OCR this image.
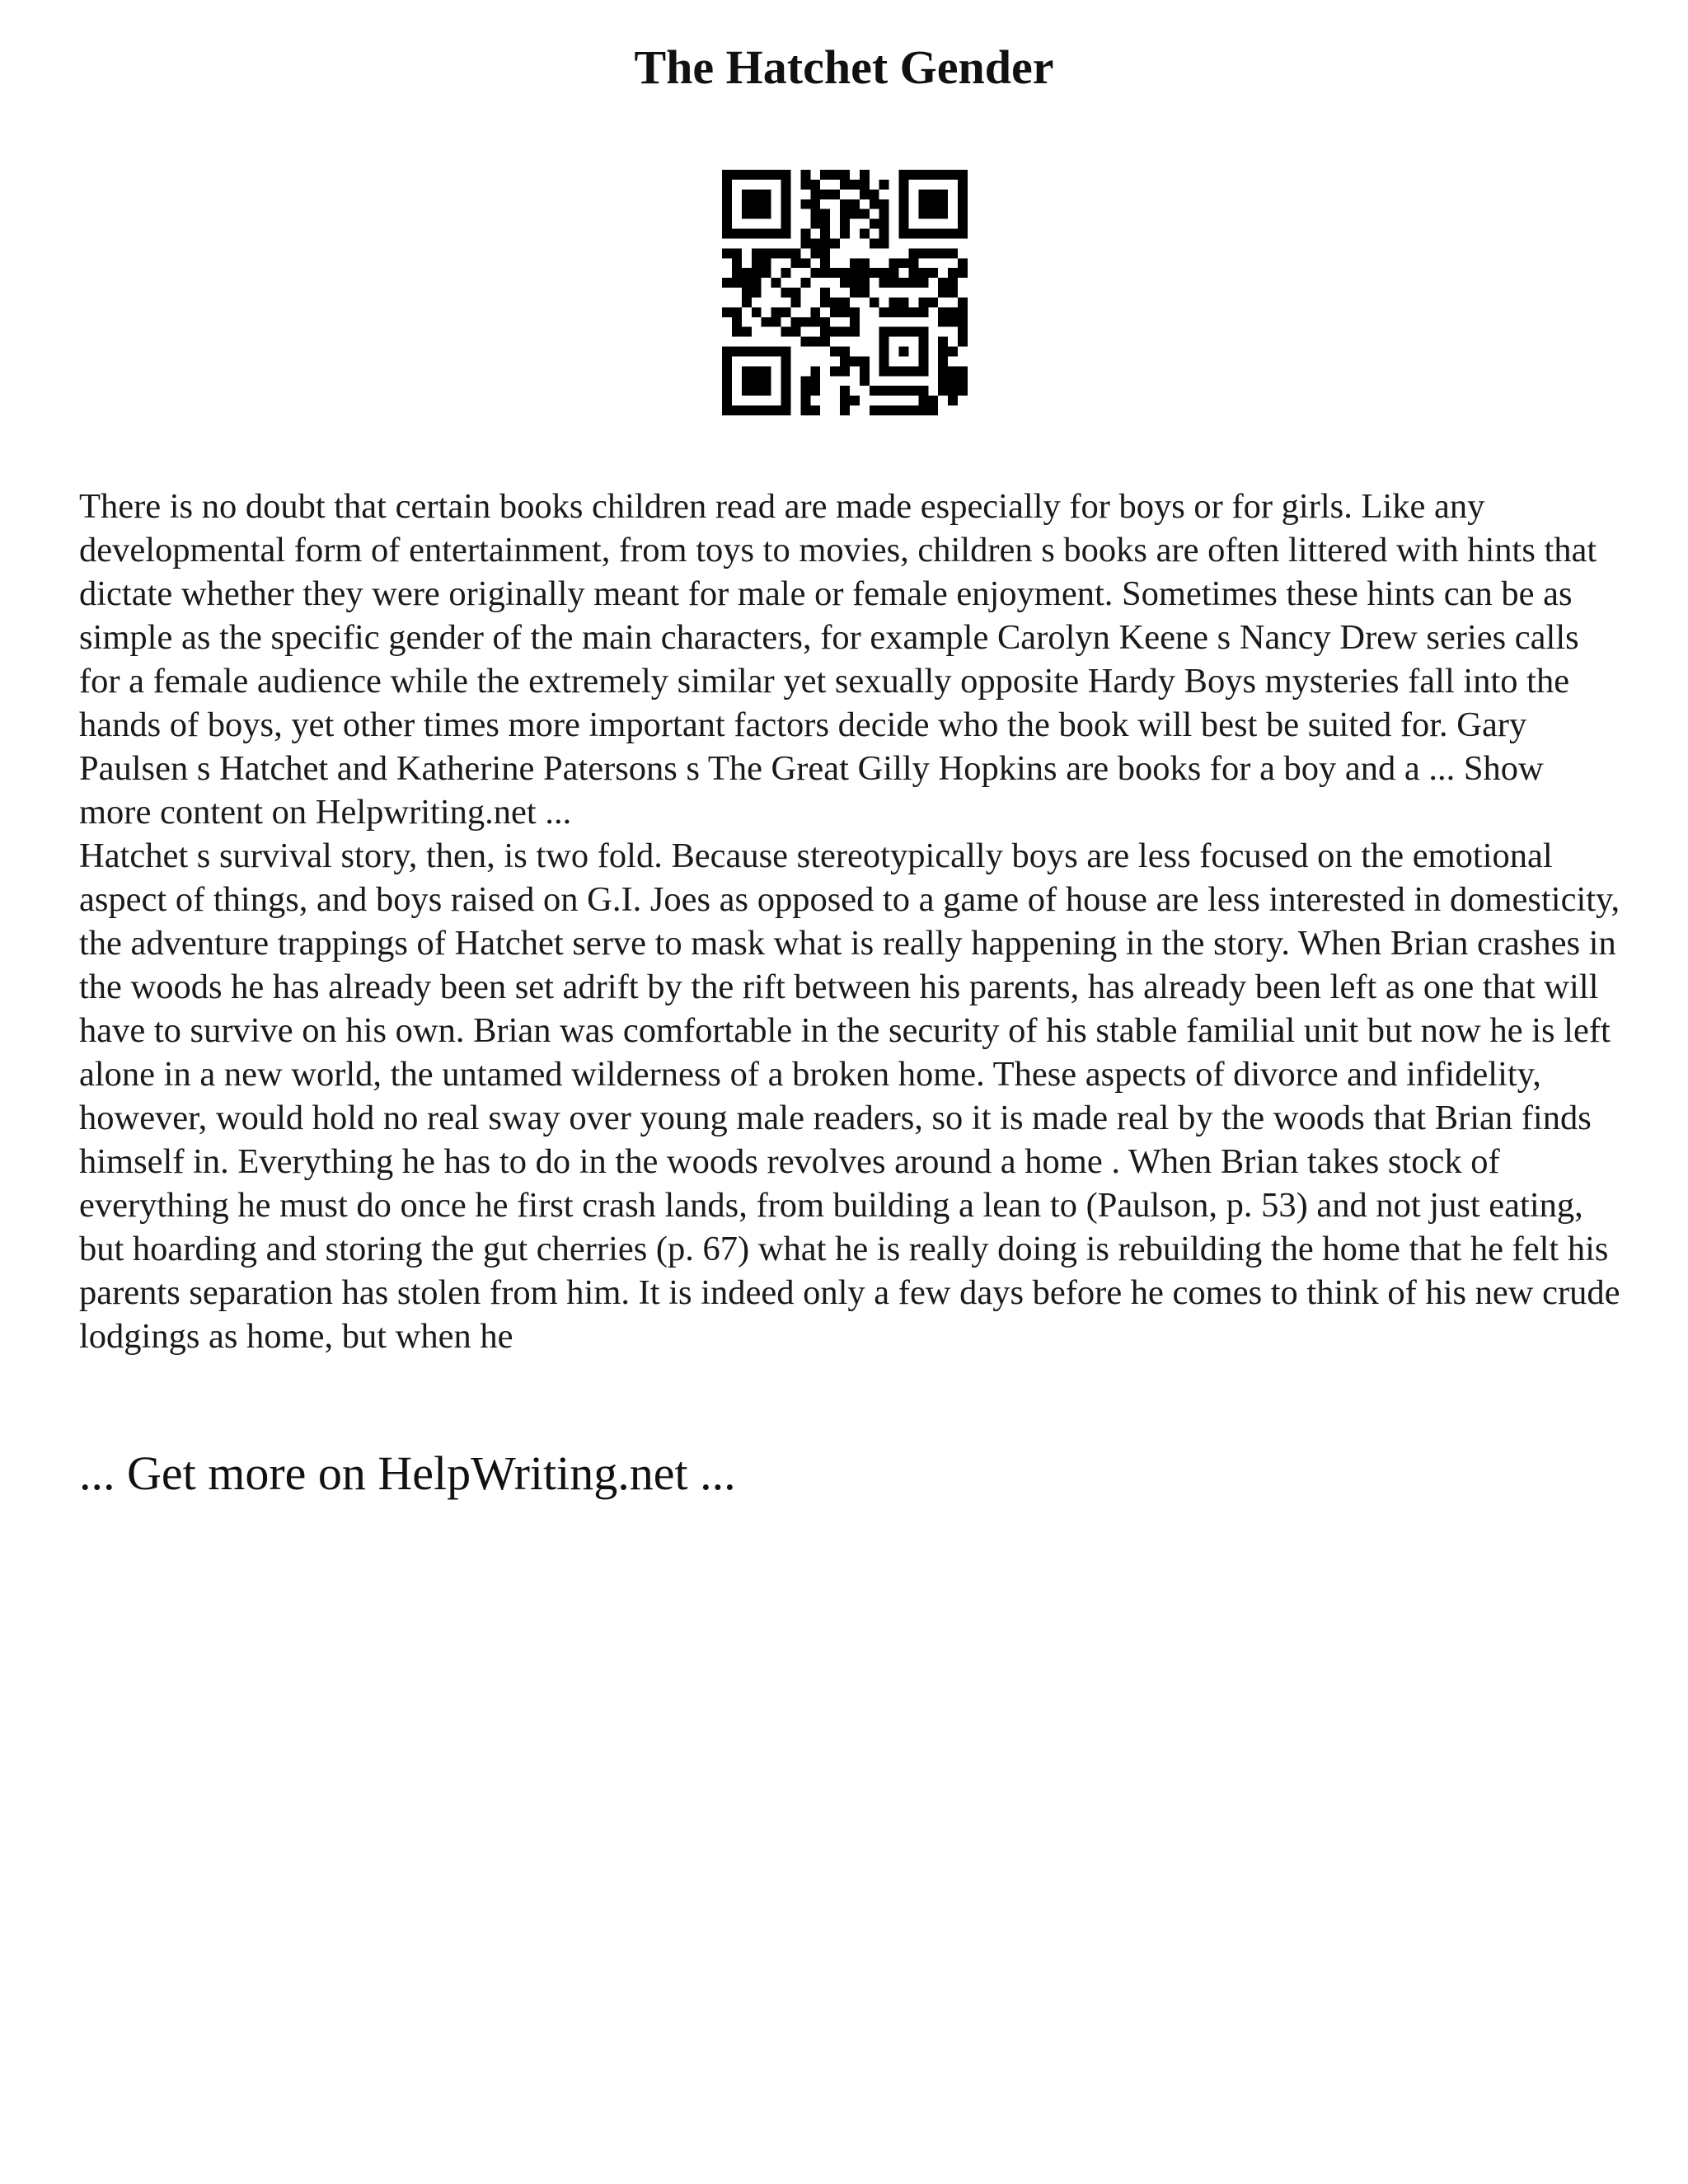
The Hatchet Gender

There is no doubt that certain books children read are made especially for boys or for girls. Like any developmental form of entertainment, from toys to movies, children s books are often littered with hints that dictate whether they were originally meant for male or female enjoyment. Sometimes these hints can be as simple as the specific gender of the main characters, for example Carolyn Keene s Nancy Drew series calls for a female audience while the extremely similar yet sexually opposite Hardy Boys mysteries fall into the hands of boys, yet other times more important factors decide who the book will best be suited for. Gary Paulsen s Hatchet and Katherine Patersons s The Great Gilly Hopkins are books for a boy and a ... Show more content on Helpwriting.net ...

Hatchet s survival story, then, is two fold. Because stereotypically boys are less focused on the emotional aspect of things, and boys raised on G.I. Joes as opposed to a game of house are less interested in domesticity, the adventure trappings of Hatchet serve to mask what is really happening in the story. When Brian crashes in the woods he has already been set adrift by the rift between his parents, has already been left as one that will have to survive on his own. Brian was comfortable in the security of his stable familial unit but now he is left alone in a new world, the untamed wilderness of a broken home. These aspects of divorce and infidelity, however, would hold no real sway over young male readers, so it is made real by the woods that Brian finds himself in. Everything he has to do in the woods revolves around a home . When Brian takes stock of everything he must do once he first crash lands, from building a lean to (Paulson, p. 53) and not just eating, but hoarding and storing the gut cherries (p. 67) what he is really doing is rebuilding the home that he felt his parents separation has stolen from him. It is indeed only a few days before he comes to think of his new crude lodgings as home, but when he

... Get more on HelpWriting.net ...
